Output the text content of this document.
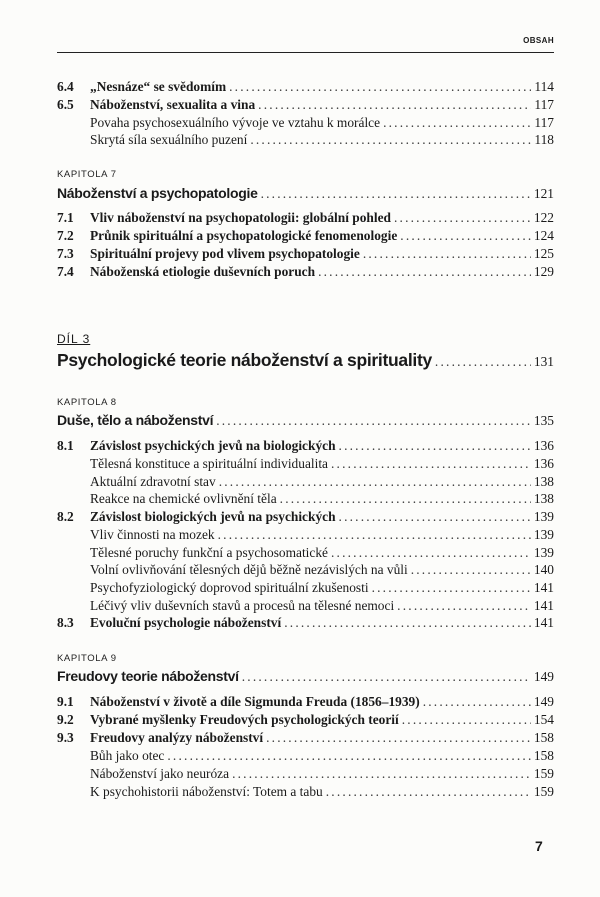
OBSAH
6.4	„Nesnáze“ se svědomím .....	114
6.5	Náboženství, sexualita a vina .....	117
Povaha psychosexuálního vývoje ve vztahu k morálce .....	117
Skrytá síla sexuálního puzení .....	118
KAPITOLA 7
Náboženství a psychopatologie .....	121
7.1	Vliv náboženství na psychopatologii: globální pohled .....	122
7.2	Průnik spirituální a psychopatologické fenomenologie .....	124
7.3	Spirituální projevy pod vlivem psychopatologie .....	125
7.4	Náboženská etiologie duševních poruch .....	129
DÍL 3
Psychologické teorie náboženství a spirituality .....	131
KAPITOLA 8
Duše, tělo a náboženství .....	135
8.1	Závislost psychických jevů na biologických .....	136
Tělesná konstituce a spirituální individualita .....	136
Aktuální zdravotní stav .....	138
Reakce na chemické ovlivnění těla .....	138
8.2	Závislost biologických jevů na psychických .....	139
Vliv činnosti na mozek .....	139
Tělesné poruchy funkční a psychosomatické .....	139
Volní ovlivňování tělesných dějů běžně nezávislých na vůli .....	140
Psychofyziologický doprovod spirituální zkušenosti .....	141
Léčivý vliv duševních stavů a procesů na tělesné nemoci .....	141
8.3	Evoluční psychologie náboženství .....	141
KAPITOLA 9
Freudovy teorie náboženství .....	149
9.1	Náboženství v životě a díle Sigmunda Freuda (1856–1939) .....	149
9.2	Vybrané myšlenky Freudových psychologických teorií .....	154
9.3	Freudovy analýzy náboženství .....	158
Bůh jako otec .....	158
Náboženství jako neuróza .....	159
K psychohistorii náboženství: Totem a tabu .....	159
7
